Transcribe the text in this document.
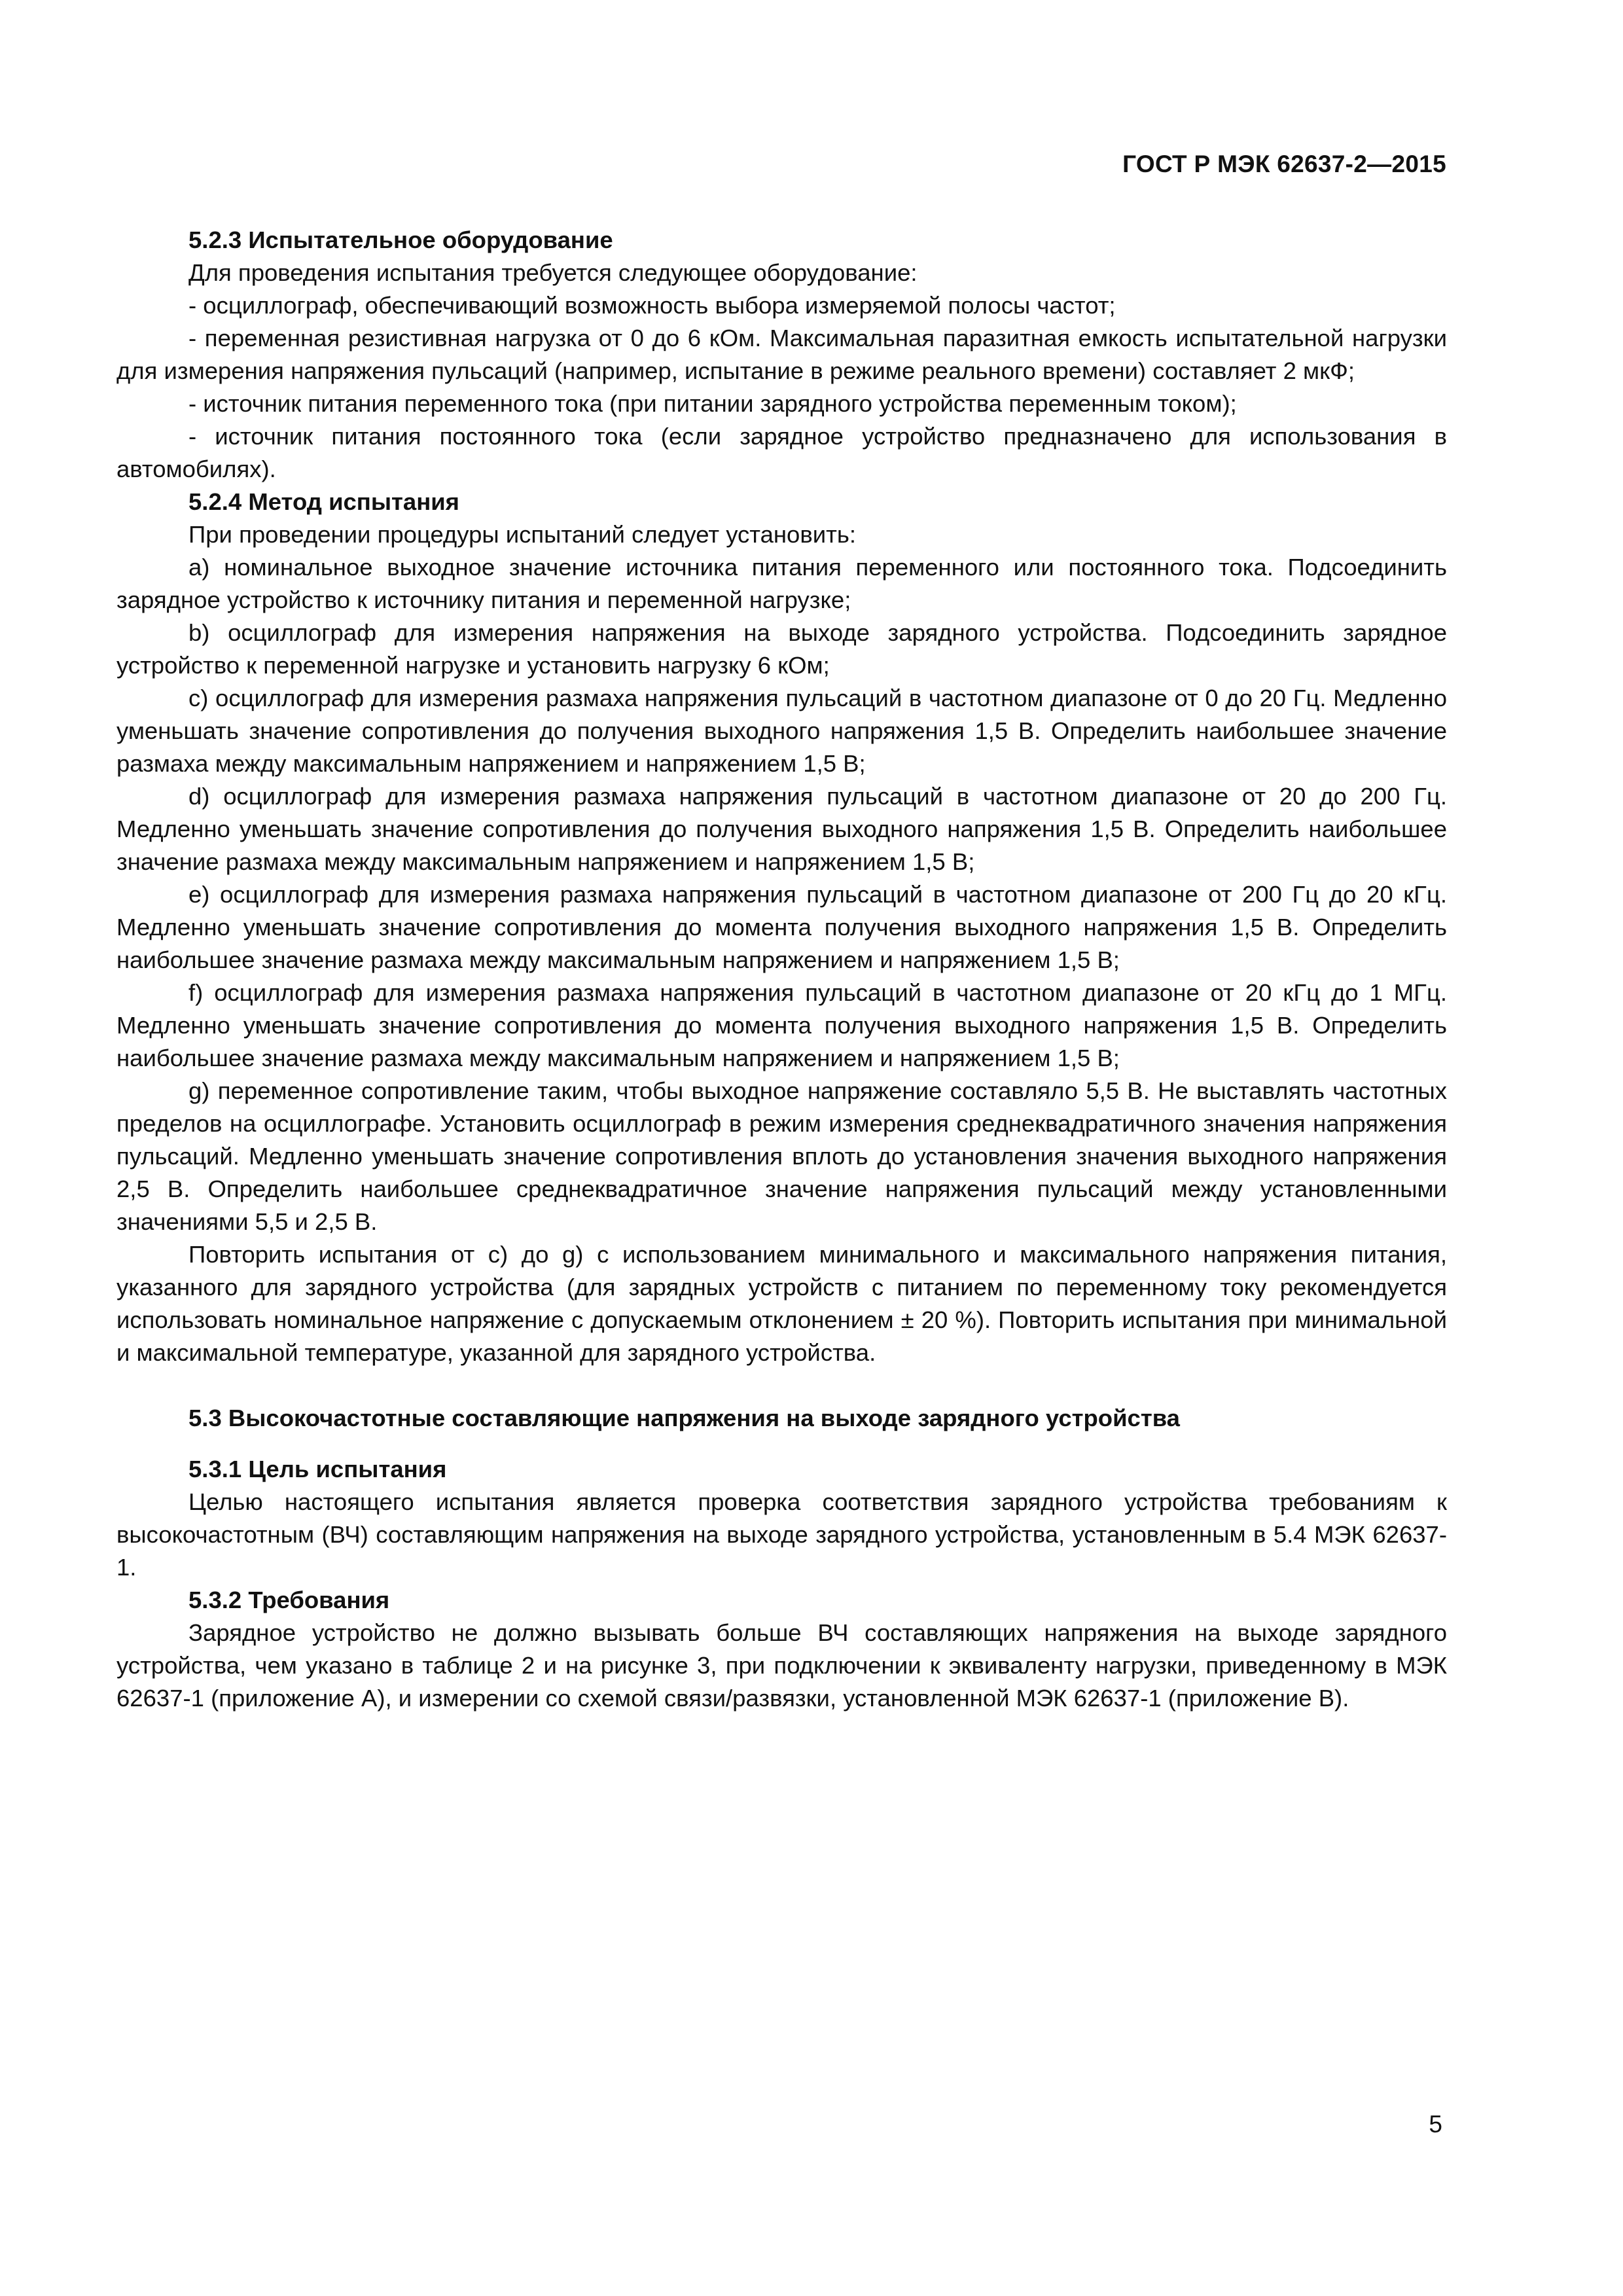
ГОСТ Р МЭК 62637-2—2015

5.2.3 Испытательное оборудование

Для проведения испытания требуется следующее оборудование:

- осциллограф, обеспечивающий возможность выбора измеряемой полосы частот;

- переменная резистивная нагрузка от 0 до 6 кОм. Максимальная паразитная емкость испытательной нагрузки для измерения напряжения пульсаций (например, испытание в режиме реального времени) составляет 2 мкФ;

- источник питания переменного тока (при питании зарядного устройства переменным током);

- источник питания постоянного тока (если зарядное устройство предназначено для использования в автомобилях).

5.2.4 Метод испытания

При проведении процедуры испытаний следует установить:

а) номинальное выходное значение источника питания переменного или постоянного тока. Подсоединить зарядное устройство к источнику питания и переменной нагрузке;

b) осциллограф для измерения напряжения на выходе зарядного устройства. Подсоединить зарядное устройство к переменной нагрузке и установить нагрузку 6 кОм;

с) осциллограф для измерения размаха напряжения пульсаций в частотном диапазоне от 0 до 20 Гц. Медленно уменьшать значение сопротивления до получения выходного напряжения 1,5 В. Определить наибольшее значение размаха между максимальным напряжением и напряжением 1,5 В;

d) осциллограф для измерения размаха напряжения пульсаций в частотном диапазоне от 20 до 200 Гц. Медленно уменьшать значение сопротивления до получения выходного напряжения 1,5 В. Определить наибольшее значение размаха между максимальным напряжением и напряжением 1,5 В;

е) осциллограф для измерения размаха напряжения пульсаций в частотном диапазоне от 200 Гц до 20 кГц. Медленно уменьшать значение сопротивления до момента получения выходного напряжения 1,5 В. Определить наибольшее значение размаха между максимальным напряжением и напряжением 1,5 В;

f) осциллограф для измерения размаха напряжения пульсаций в частотном диапазоне от 20 кГц до 1 МГц. Медленно уменьшать значение сопротивления до момента получения выходного напряжения 1,5 В. Определить наибольшее значение размаха между максимальным напряжением и напряжением 1,5 В;

g) переменное сопротивление таким, чтобы выходное напряжение составляло 5,5 В. Не выставлять частотных пределов на осциллографе. Установить осциллограф в режим измерения среднеквадратичного значения напряжения пульсаций. Медленно уменьшать значение сопротивления вплоть до установления значения выходного напряжения 2,5 В. Определить наибольшее среднеквадратичное значение напряжения пульсаций между установленными значениями 5,5 и 2,5 В.

Повторить испытания от с) до g) с использованием минимального и максимального напряжения питания, указанного для зарядного устройства (для зарядных устройств с питанием по переменному току рекомендуется использовать номинальное напряжение с допускаемым отклонением ± 20 %). Повторить испытания при минимальной и максимальной температуре, указанной для зарядного устройства.

5.3 Высокочастотные составляющие напряжения на выходе зарядного устройства

5.3.1 Цель испытания

Целью настоящего испытания является проверка соответствия зарядного устройства требованиям к высокочастотным (ВЧ) составляющим напряжения на выходе зарядного устройства, установленным в 5.4 МЭК 62637-1.

5.3.2 Требования

Зарядное устройство не должно вызывать больше ВЧ составляющих напряжения на выходе зарядного устройства, чем указано в таблице 2 и на рисунке 3, при подключении к эквиваленту нагрузки, приведенному в МЭК 62637-1 (приложение А), и измерении со схемой связи/развязки, установленной МЭК 62637-1 (приложение В).

5
